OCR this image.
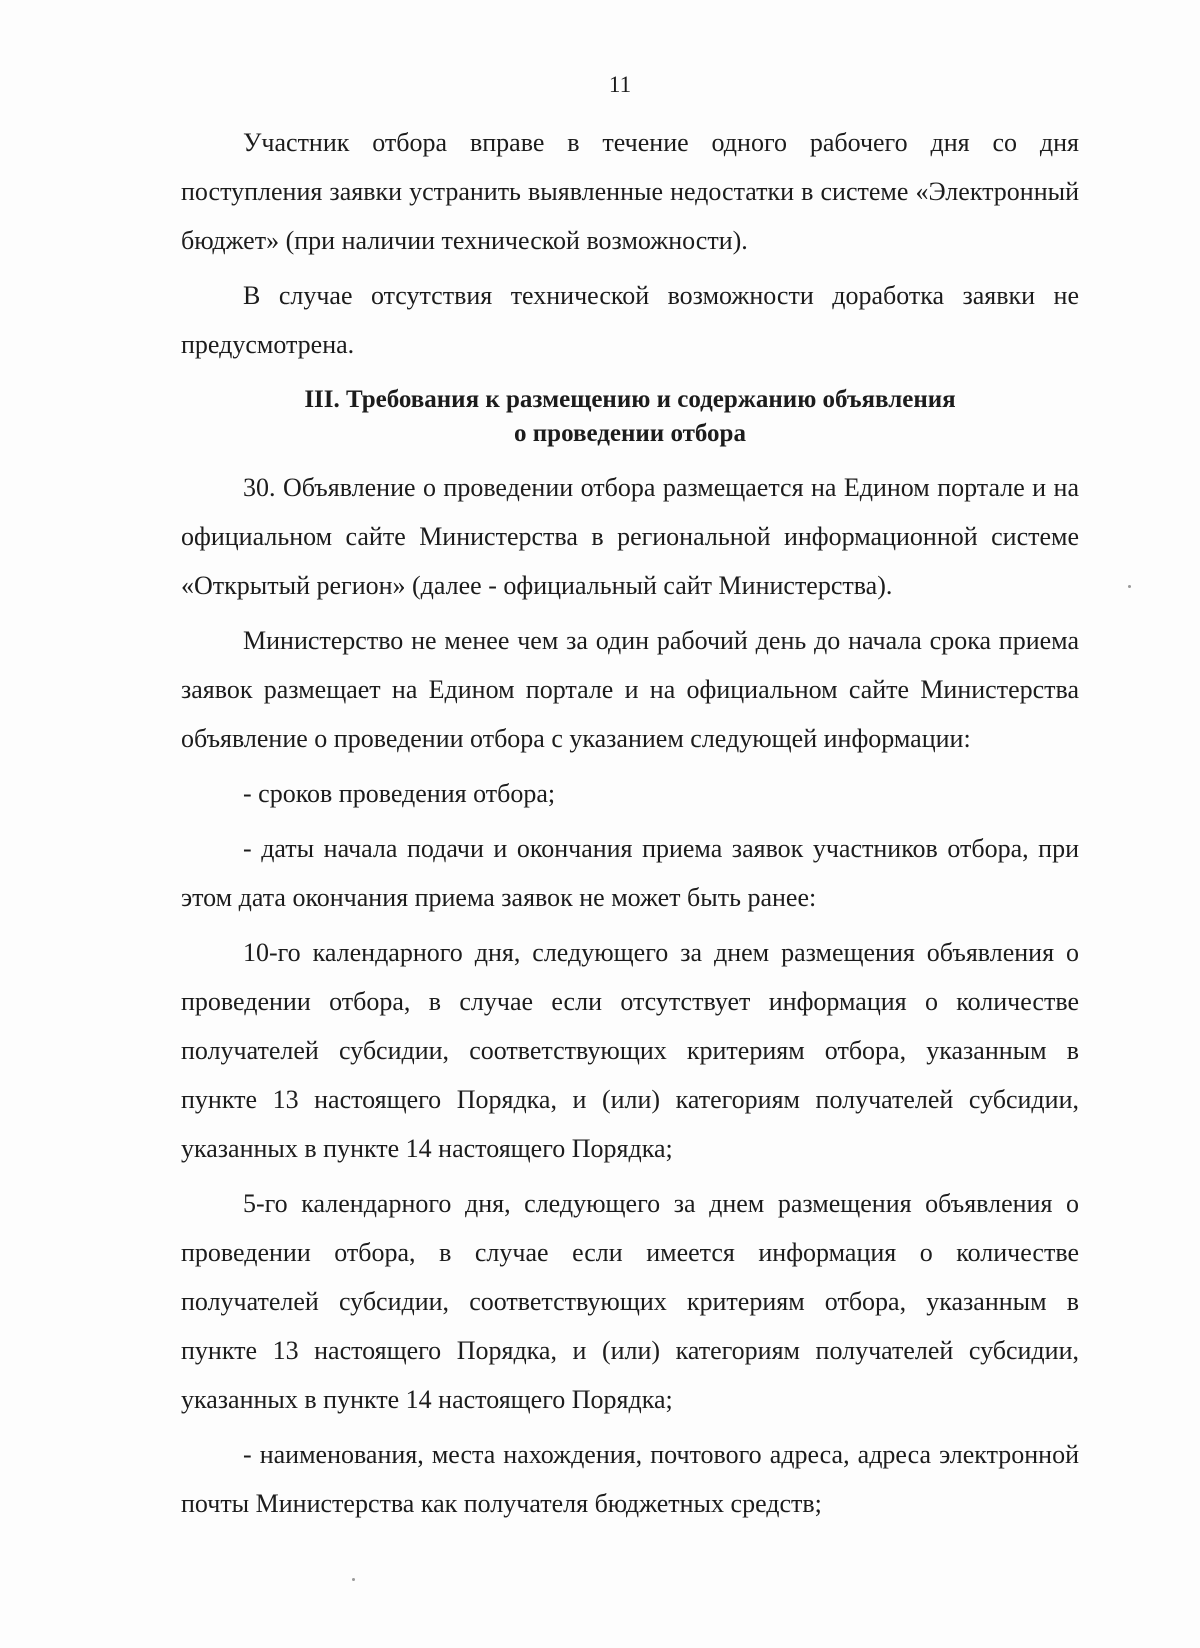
11

Участник отбора вправе в течение одного рабочего дня со дня поступления заявки устранить выявленные недостатки в системе «Электронный бюджет» (при наличии технической возможности).

В случае отсутствия технической возможности доработка заявки не предусмотрена.

III. Требования к размещению и содержанию объявления
о проведении отбора

30. Объявление о проведении отбора размещается на Едином портале и на официальном сайте Министерства в региональной информационной системе «Открытый регион» (далее - официальный сайт Министерства).

Министерство не менее чем за один рабочий день до начала срока приема заявок размещает на Едином портале и на официальном сайте Министерства объявление о проведении отбора с указанием следующей информации:

- сроков проведения отбора;

- даты начала подачи и окончания приема заявок участников отбора, при этом дата окончания приема заявок не может быть ранее:

10-го календарного дня, следующего за днем размещения объявления о проведении отбора, в случае если отсутствует информация о количестве получателей субсидии, соответствующих критериям отбора, указанным в пункте 13 настоящего Порядка, и (или) категориям получателей субсидии, указанных в пункте 14 настоящего Порядка;

5-го календарного дня, следующего за днем размещения объявления о проведении отбора, в случае если имеется информация о количестве получателей субсидии, соответствующих критериям отбора, указанным в пункте 13 настоящего Порядка, и (или) категориям получателей субсидии, указанных в пункте 14 настоящего Порядка;

- наименования, места нахождения, почтового адреса, адреса электронной почты Министерства как получателя бюджетных средств;
